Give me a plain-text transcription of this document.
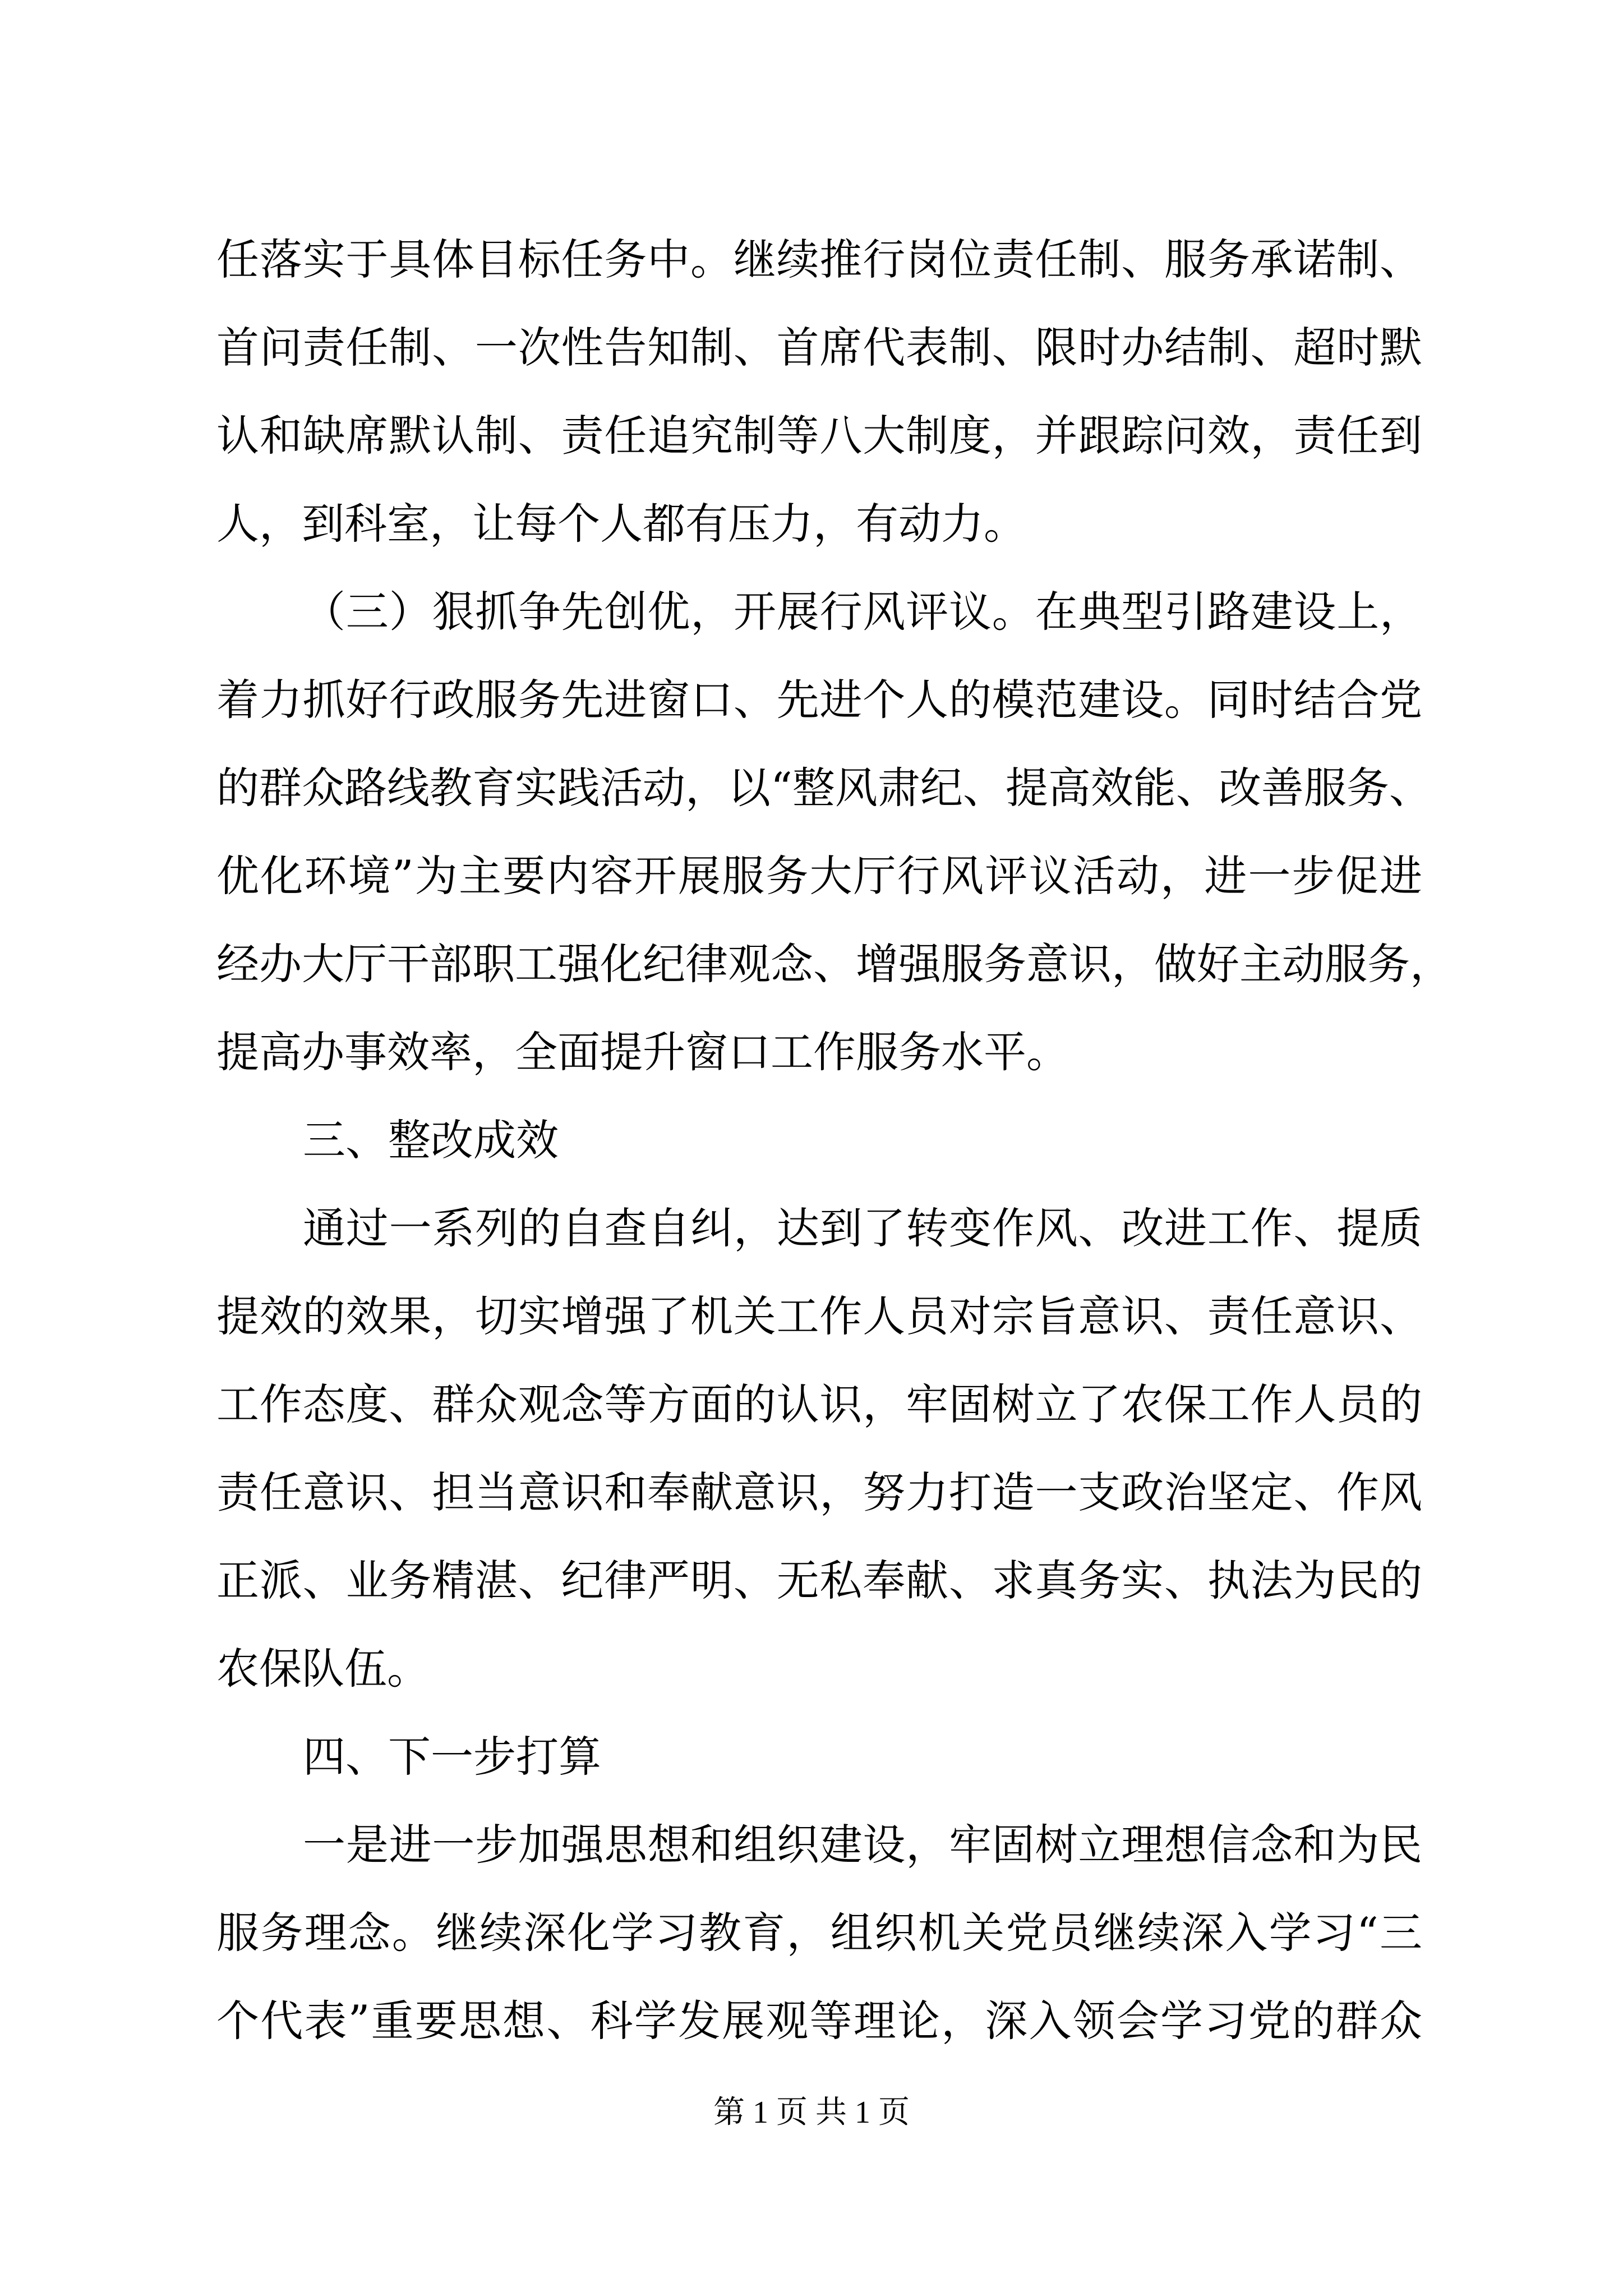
任落实于具体目标任务中。继续推行岗位责任制、服务承诺制、
首问责任制、一次性告知制、首席代表制、限时办结制、超时默
认和缺席默认制、责任追究制等八大制度，并跟踪问效，责任到
人，到科室，让每个人都有压力，有动力。
（三）狠抓争先创优，开展行风评议。在典型引路建设上，
着力抓好行政服务先进窗口、先进个人的模范建设。同时结合党
的群众路线教育实践活动，以“整风肃纪、提高效能、改善服务、
优化环境”为主要内容开展服务大厅行风评议活动，进一步促进
经办大厅干部职工强化纪律观念、增强服务意识，做好主动服务，
提高办事效率，全面提升窗口工作服务水平。
三、整改成效
通过一系列的自查自纠，达到了转变作风、改进工作、提质
提效的效果，切实增强了机关工作人员对宗旨意识、责任意识、
工作态度、群众观念等方面的认识，牢固树立了农保工作人员的
责任意识、担当意识和奉献意识，努力打造一支政治坚定、作风
正派、业务精湛、纪律严明、无私奉献、求真务实、执法为民的
农保队伍。
四、下一步打算
一是进一步加强思想和组织建设，牢固树立理想信念和为民
服务理念。继续深化学习教育，组织机关党员继续深入学习“三
个代表”重要思想、科学发展观等理论，深入领会学习党的群众
第 1 页 共 1 页
